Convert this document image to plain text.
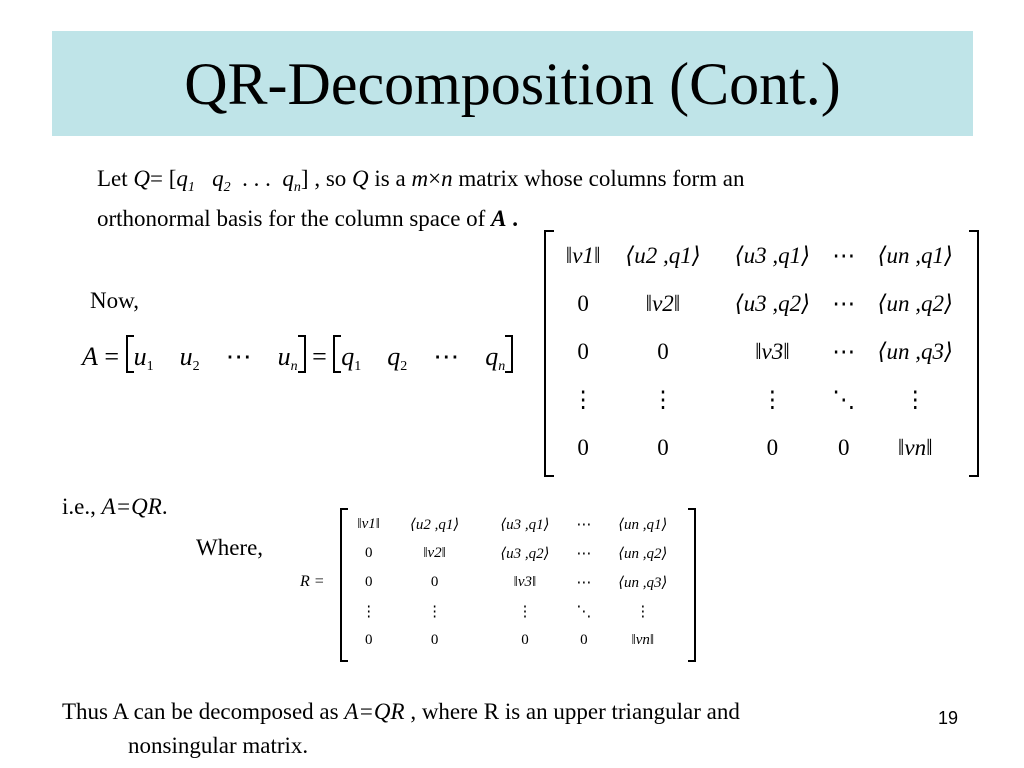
QR-Decomposition (Cont.)
Let $Q= [q_1$ $q_2$ . . . $q_n$] , so Q is a m×n matrix whose columns form an
orthonormal basis for the column space of A .
Now,
$A = u_1$ $u_2$ ⋯ $u_n = q_1$ $q_2$ ⋯ $q_n$
‖v1‖	⟨u2 ,q1⟩	⟨u3 ,q1⟩	⋯	⟨un ,q1⟩
0	‖v2‖	⟨u3 ,q2⟩	⋯	⟨un ,q2⟩
0	0	‖v3‖	⋯	⟨un ,q3⟩
⋮	⋮	⋮	⋱	⋮
0	0	0	0	‖vn‖
i.e., A=QR.
Where,
R =
‖v1‖	⟨u2 ,q1⟩	⟨u3 ,q1⟩	⋯	⟨un ,q1⟩
0	‖v2‖	⟨u3 ,q2⟩	⋯	⟨un ,q2⟩
0	0	‖v3‖	⋯	⟨un ,q3⟩
⋮	⋮	⋮	⋱	⋮
0	0	0	0	‖vn‖
Thus A can be decomposed as A=QR , where R is an upper triangular and
nonsingular matrix.
19
